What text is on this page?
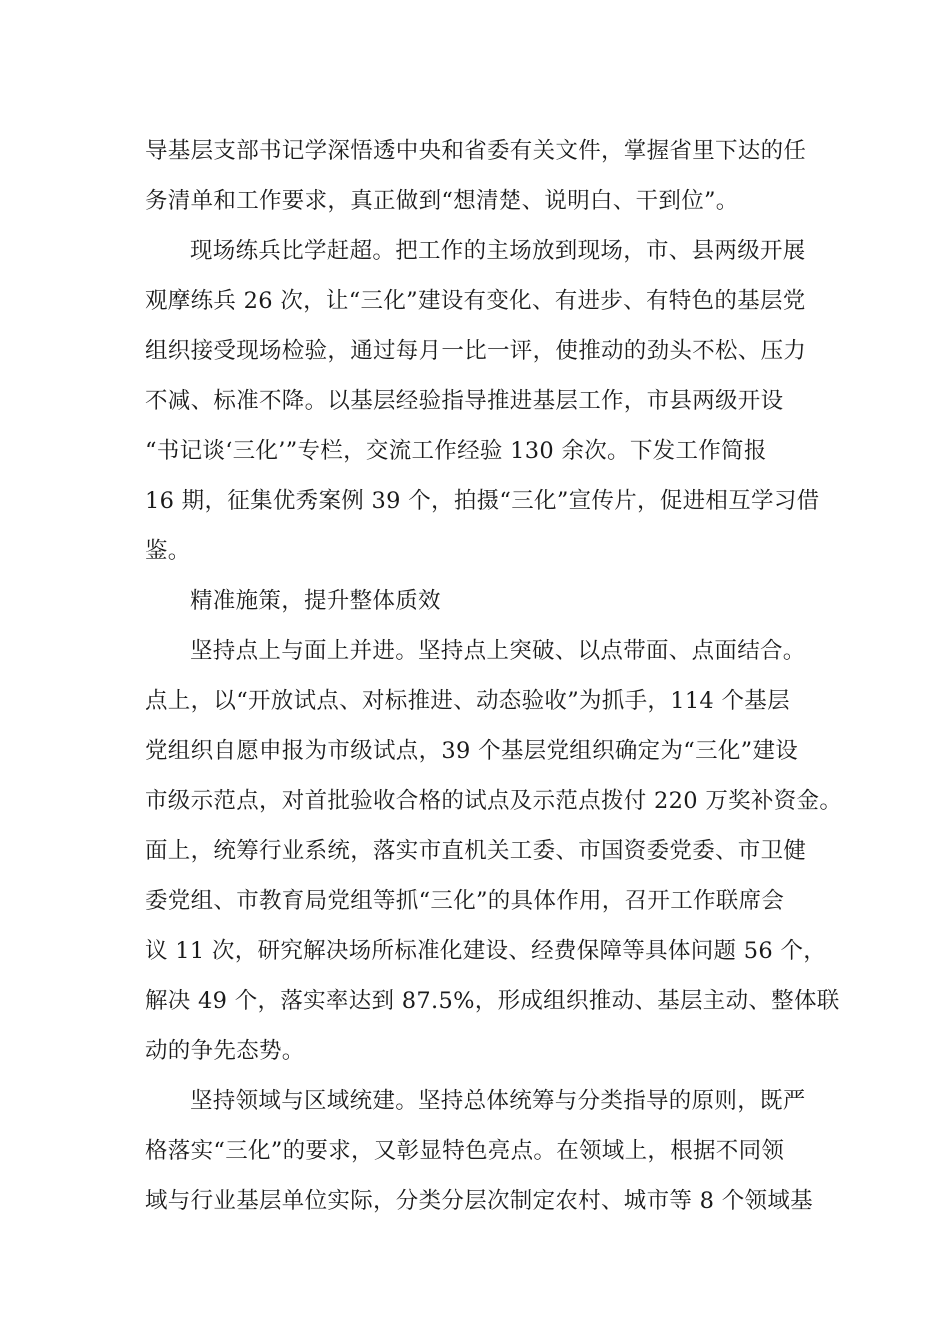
导基层支部书记学深悟透中央和省委有关文件，掌握省里下达的任
务清单和工作要求，真正做到“想清楚、说明白、干到位”。
现场练兵比学赶超。把工作的主场放到现场，市、县两级开展
观摩练兵 26 次，让“三化”建设有变化、有进步、有特色的基层党
组织接受现场检验，通过每月一比一评，使推动的劲头不松、压力
不减、标准不降。以基层经验指导推进基层工作，市县两级开设
“书记谈‘三化’”专栏，交流工作经验 130 余次。下发工作简报
16 期，征集优秀案例 39 个，拍摄“三化”宣传片，促进相互学习借
鉴。
精准施策，提升整体质效
坚持点上与面上并进。坚持点上突破、以点带面、点面结合。
点上，以“开放试点、对标推进、动态验收”为抓手，114 个基层
党组织自愿申报为市级试点，39 个基层党组织确定为“三化”建设
市级示范点，对首批验收合格的试点及示范点拨付 220 万奖补资金。
面上，统筹行业系统，落实市直机关工委、市国资委党委、市卫健
委党组、市教育局党组等抓“三化”的具体作用，召开工作联席会
议 11 次，研究解决场所标准化建设、经费保障等具体问题 56 个，
解决 49 个，落实率达到 87.5%，形成组织推动、基层主动、整体联
动的争先态势。
坚持领域与区域统建。坚持总体统筹与分类指导的原则，既严
格落实“三化”的要求，又彰显特色亮点。在领域上，根据不同领
域与行业基层单位实际，分类分层次制定农村、城市等 8 个领域基
